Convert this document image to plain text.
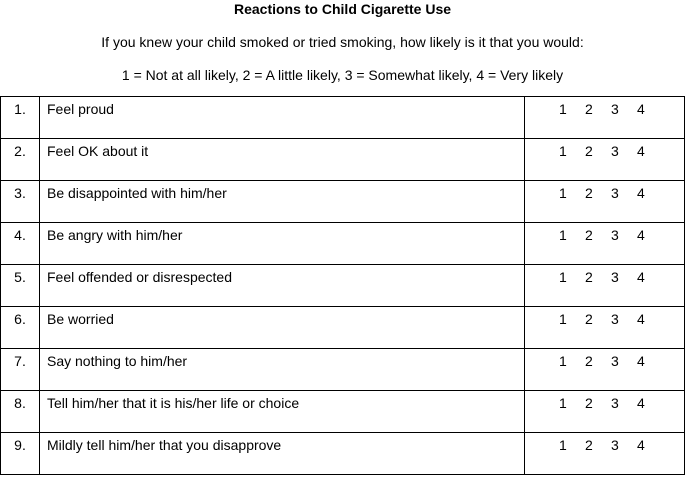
Reactions to Child Cigarette Use
If you knew your child smoked or tried smoking, how likely is it that you would:
1 = Not at all likely, 2 = A little likely, 3 = Somewhat likely, 4 = Very likely
1.	Feel proud	1 2 3 4

2.	Feel OK about it	1 2 3 4

3.	Be disappointed with him/her	1 2 3 4

4.	Be angry with him/her	1 2 3 4

5.	Feel offended or disrespected	1 2 3 4

6.	Be worried	1 2 3 4

7.	Say nothing to him/her	1 2 3 4

8.	Tell him/her that it is his/her life or choice	1 2 3 4

9.	Mildly tell him/her that you disapprove	1 2 3 4
